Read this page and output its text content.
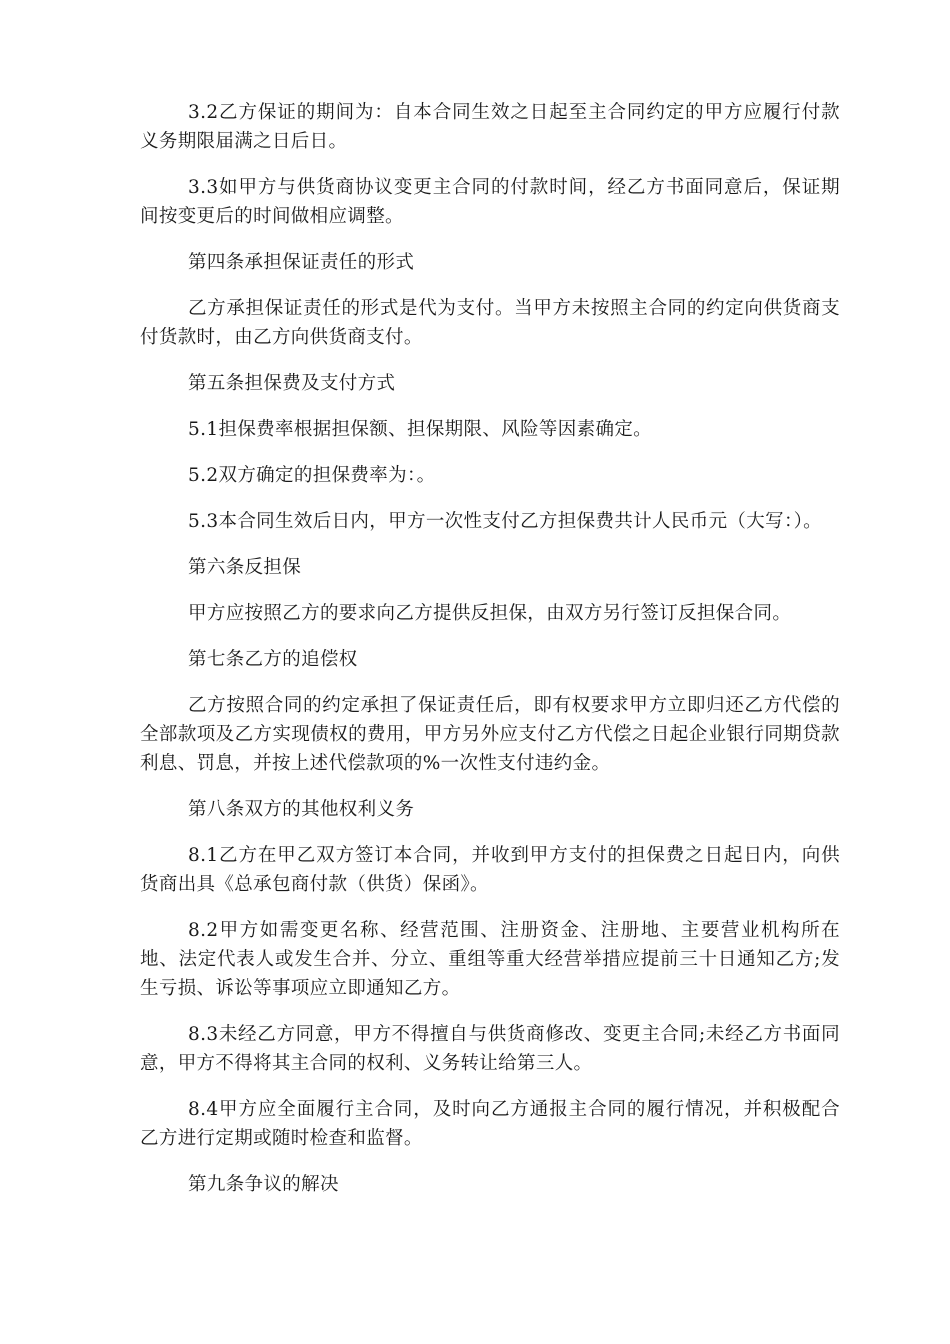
3.2乙方保证的期间为：自本合同生效之日起至主合同约定的甲方应履行付款义务期限届满之日后日。

3.3如甲方与供货商协议变更主合同的付款时间，经乙方书面同意后，保证期间按变更后的时间做相应调整。

第四条承担保证责任的形式

乙方承担保证责任的形式是代为支付。当甲方未按照主合同的约定向供货商支付货款时，由乙方向供货商支付。

第五条担保费及支付方式

5.1担保费率根据担保额、担保期限、风险等因素确定。

5.2双方确定的担保费率为：。

5.3本合同生效后日内，甲方一次性支付乙方担保费共计人民币元（大写：）。

第六条反担保

甲方应按照乙方的要求向乙方提供反担保，由双方另行签订反担保合同。

第七条乙方的追偿权

乙方按照合同的约定承担了保证责任后，即有权要求甲方立即归还乙方代偿的全部款项及乙方实现债权的费用，甲方另外应支付乙方代偿之日起企业银行同期贷款利息、罚息，并按上述代偿款项的%一次性支付违约金。

第八条双方的其他权利义务

8.1乙方在甲乙双方签订本合同，并收到甲方支付的担保费之日起日内，向供货商出具《总承包商付款（供货）保函》。

8.2甲方如需变更名称、经营范围、注册资金、注册地、主要营业机构所在地、法定代表人或发生合并、分立、重组等重大经营举措应提前三十日通知乙方;发生亏损、诉讼等事项应立即通知乙方。

8.3未经乙方同意，甲方不得擅自与供货商修改、变更主合同;未经乙方书面同意，甲方不得将其主合同的权利、义务转让给第三人。

8.4甲方应全面履行主合同，及时向乙方通报主合同的履行情况，并积极配合乙方进行定期或随时检查和监督。

第九条争议的解决
